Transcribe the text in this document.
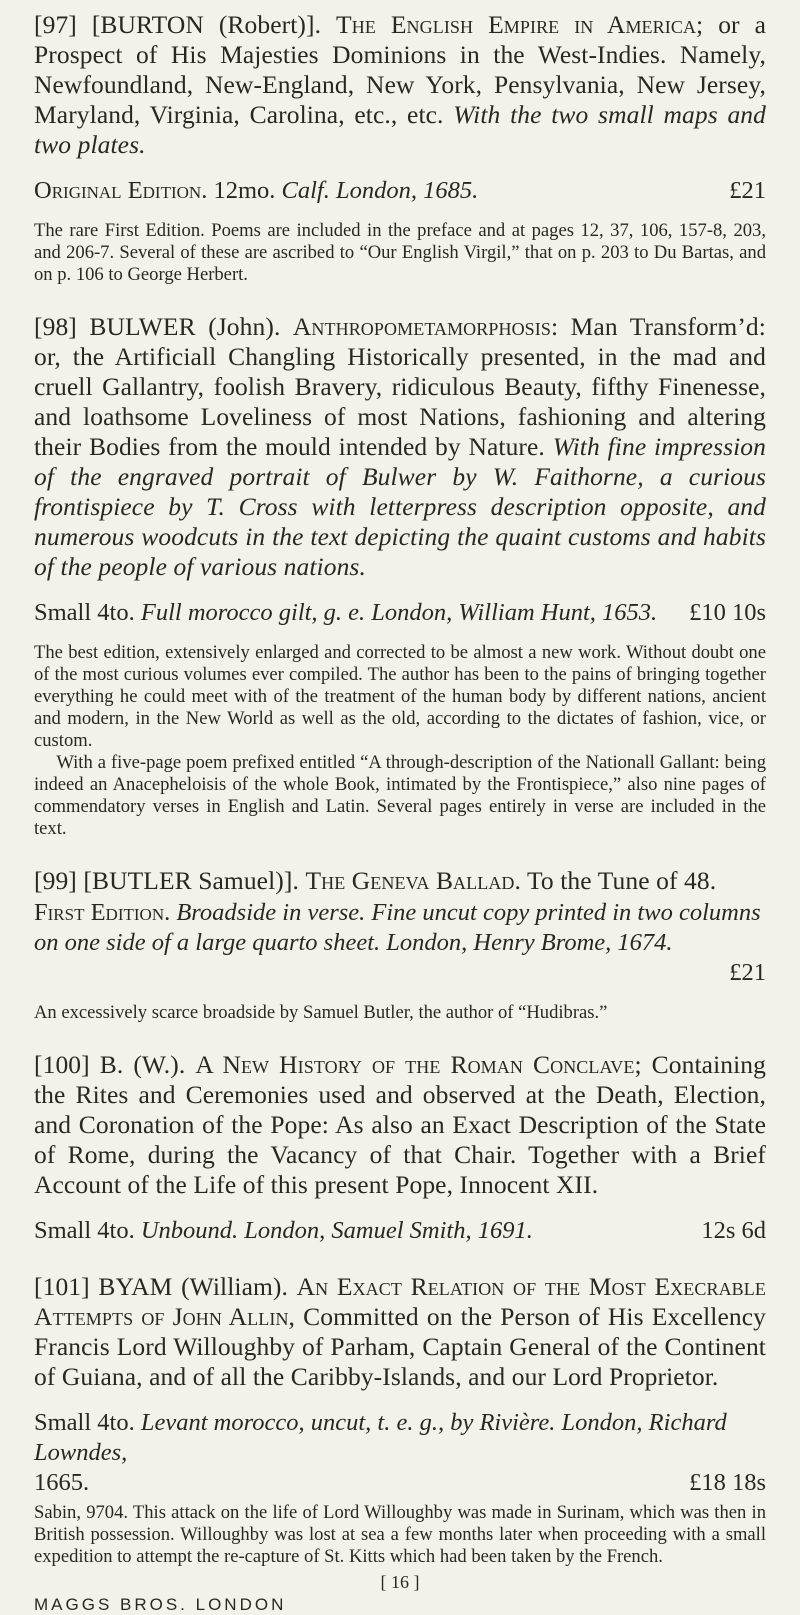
[97] [BURTON (Robert)]. The English Empire in America; or a Prospect of His Majesties Dominions in the West-Indies. Namely, Newfoundland, New-England, New York, Pensylvania, New Jersey, Maryland, Virginia, Carolina, etc., etc. With the two small maps and two plates.

Original Edition. 12mo. Calf. London, 1685.	£21

The rare First Edition. Poems are included in the preface and at pages 12, 37, 106, 157-8, 203, and 206-7. Several of these are ascribed to “Our English Virgil,” that on p. 203 to Du Bartas, and on p. 106 to George Herbert.

[98] BULWER (John). Anthropometamorphosis: Man Transform’d: or, the Artificiall Changling Historically presented, in the mad and cruell Gallantry, foolish Bravery, ridiculous Beauty, fifthy Finenesse, and loathsome Loveliness of most Nations, fashioning and altering their Bodies from the mould intended by Nature. With fine impression of the engraved portrait of Bulwer by W. Faithorne, a curious frontispiece by T. Cross with letterpress description opposite, and numerous woodcuts in the text depicting the quaint customs and habits of the people of various nations.

Small 4to. Full morocco gilt, g. e. London, William Hunt, 1653.	£10 10s

The best edition, extensively enlarged and corrected to be almost a new work. Without doubt one of the most curious volumes ever compiled. The author has been to the pains of bringing together everything he could meet with of the treatment of the human body by different nations, ancient and modern, in the New World as well as the old, according to the dictates of fashion, vice, or custom.

With a five-page poem prefixed entitled “A through-description of the Nationall Gallant: being indeed an Anacepheloisis of the whole Book, intimated by the Frontispiece,” also nine pages of commendatory verses in English and Latin. Several pages entirely in verse are included in the text.

[99] [BUTLER Samuel)]. The Geneva Ballad. To the Tune of 48.

First Edition. Broadside in verse. Fine uncut copy printed in two columns on one side of a large quarto sheet. London, Henry Brome, 1674.
£21

An excessively scarce broadside by Samuel Butler, the author of “Hudibras.”

[100] B. (W.). A New History of the Roman Conclave; Containing the Rites and Ceremonies used and observed at the Death, Election, and Coronation of the Pope: As also an Exact Description of the State of Rome, during the Vacancy of that Chair. Together with a Brief Account of the Life of this present Pope, Innocent XII.

Small 4to. Unbound. London, Samuel Smith, 1691.	12s 6d

[101] BYAM (William). An Exact Relation of the Most Execrable Attempts of John Allin, Committed on the Person of His Excellency Francis Lord Willoughby of Parham, Captain General of the Continent of Guiana, and of all the Caribby-Islands, and our Lord Proprietor.

Small 4to. Levant morocco, uncut, t. e. g., by Rivière. London, Richard Lowndes,
1665.	£18 18s

Sabin, 9704. This attack on the life of Lord Willoughby was made in Surinam, which was then in British possession. Willoughby was lost at sea a few months later when proceeding with a small expedition to attempt the re-capture of St. Kitts which had been taken by the French.

[ 16 ]
MAGGS BROS. LONDON
